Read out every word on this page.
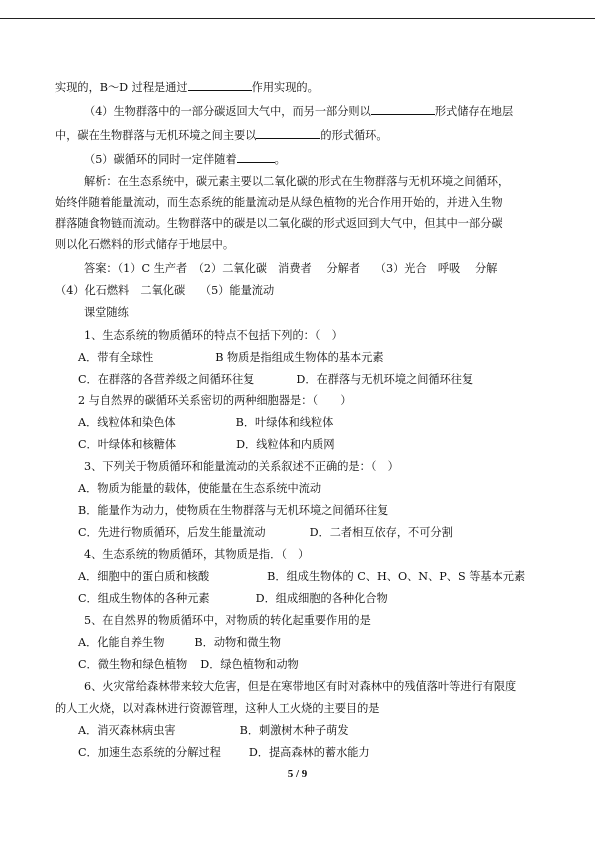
实现的，B～D 过程是通过	作用实现的。
（4）生物群落中的一部分碳返回大气中，而另一部分则以	形式储存在地层
中，碳在生物群落与无机环境之间主要以	的形式循环。
（5）碳循环的同时一定伴随着	。
解析：在生态系统中，碳元素主要以二氧化碳的形式在生物群落与无机环境之间循环，
始终伴随着能量流动，而生态系统的能量流动是从绿色植物的光合作用开始的，并进入生物
群落随食物链而流动。生物群落中的碳是以二氧化碳的形式返回到大气中，但其中一部分碳
则以化石燃料的形式储存于地层中。
答案：（1）C 生产者　（2）二氧化碳　消费者　 分解者　 （3）光合　呼吸　 分解
（4）化石燃料　二氧化碳　 （5）能量流动
课堂随练
1、生态系统的物质循环的特点不包括下列的：（　）
A．带有全球性	B 物质是指组成生物体的基本元素
C．在群落的各营养级之间循环往复	D．在群落与无机环境之间循环往复
2 与自然界的碳循环关系密切的两种细胞器是：（　　）
A．线粒体和染色体	B．叶绿体和线粒体
C．叶绿体和核糖体	D．线粒体和内质网
3、下列关于物质循环和能量流动的关系叙述不正确的是：（　）
A．物质为能量的载体，使能量在生态系统中流动
B．能量作为动力，使物质在生物群落与无机环境之间循环往复
C．先进行物质循环，后发生能量流动	D．二者相互依存，不可分割
4、生态系统的物质循环，其物质是指．（　）
A．细胞中的蛋白质和核酸	B．组成生物体的 C、H、O、N、P、S 等基本元素
C．组成生物体的各种元素	D．组成细胞的各种化合物
5、在自然界的物质循环中，对物质的转化起重要作用的是
A．化能自养生物	B．动物和微生物
C．微生物和绿色植物 D．绿色植物和动物
6、火灾常给森林带来较大危害，但是在寒带地区有时对森林中的残值落叶等进行有限度
的人工火烧，以对森林进行资源管理，这种人工火烧的主要目的是
A．消灭森林病虫害	B．刺激树木种子萌发
C．加速生态系统的分解过程	D．提高森林的蓄水能力
5 / 9
